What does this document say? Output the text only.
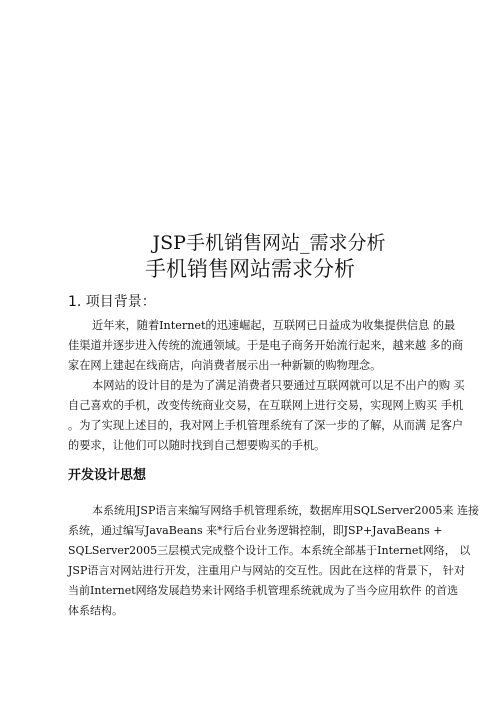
JSP手机销售网站_需求分析
手机销售网站需求分析
1. 项目背景：

近年来，随着Internet的迅速崛起，互联网已日益成为收集提供信息 的最

佳渠道并逐步进入传统的流通领域。于是电子商务开始流行起来，越来越 多的商

家在网上建起在线商店，向消费者展示出一种新颖的购物理念。

本网站的设计目的是为了满足消费者只要通过互联网就可以足不出户的购 买

自己喜欢的手机，改变传统商业交易，在互联网上进行交易，实现网上购买 手机

。为了实现上述目的，我对网上手机管理系统有了深一步的了解，从而满 足客户

的要求，让他们可以随时找到自己想要购买的手机。

开发设计思想

本系统用JSP语言来编写网络手机管理系统，数据库用SQLServer2005来 连接

系统，通过编写JavaBeans 来*行后台业务逻辑控制，即JSP+JavaBeans +

SQLServer2005三层模式完成整个设计工作。本系统全部基于Internet网络， 以

JSP语言对网站进行开发，注重用户与网站的交互性。因此在这样的背景下， 针对

当前Internet网络发展趋势来计网络手机管理系统就成为了当今应用软件 的首选

体系结构。
